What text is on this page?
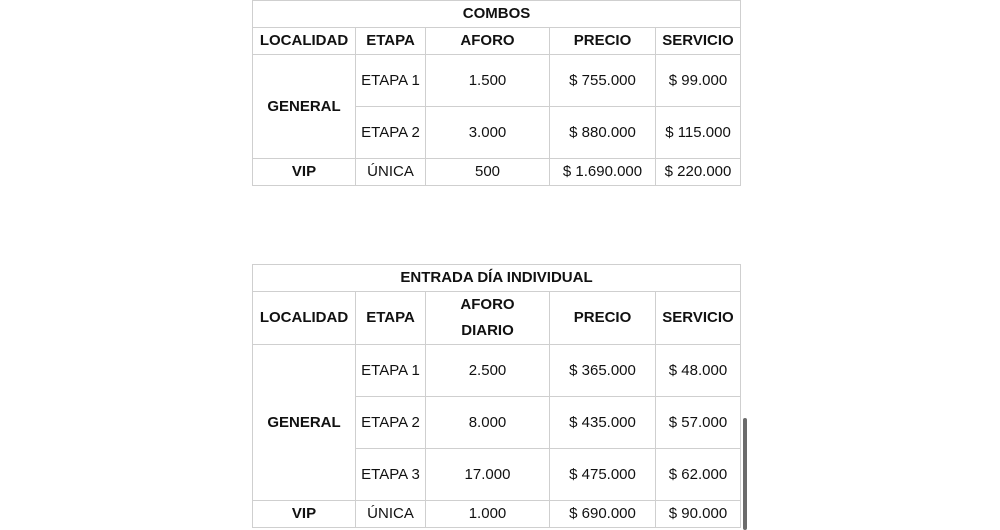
COMBOS				
LOCALIDAD	ETAPA	AFORO	PRECIO	SERVICIO
GENERAL	ETAPA 1	1.500	$ 755.000	$ 99.000
	ETAPA 2	3.000	$ 880.000	$ 115.000
VIP	ÚNICA	500	$ 1.690.000	$ 220.000
ENTRADA DÍA INDIVIDUAL				
LOCALIDAD	ETAPA	AFORO DIARIO	PRECIO	SERVICIO
GENERAL	ETAPA 1	2.500	$ 365.000	$ 48.000
	ETAPA 2	8.000	$ 435.000	$ 57.000
	ETAPA 3	17.000	$ 475.000	$ 62.000
VIP	ÚNICA	1.000	$ 690.000	$ 90.000
